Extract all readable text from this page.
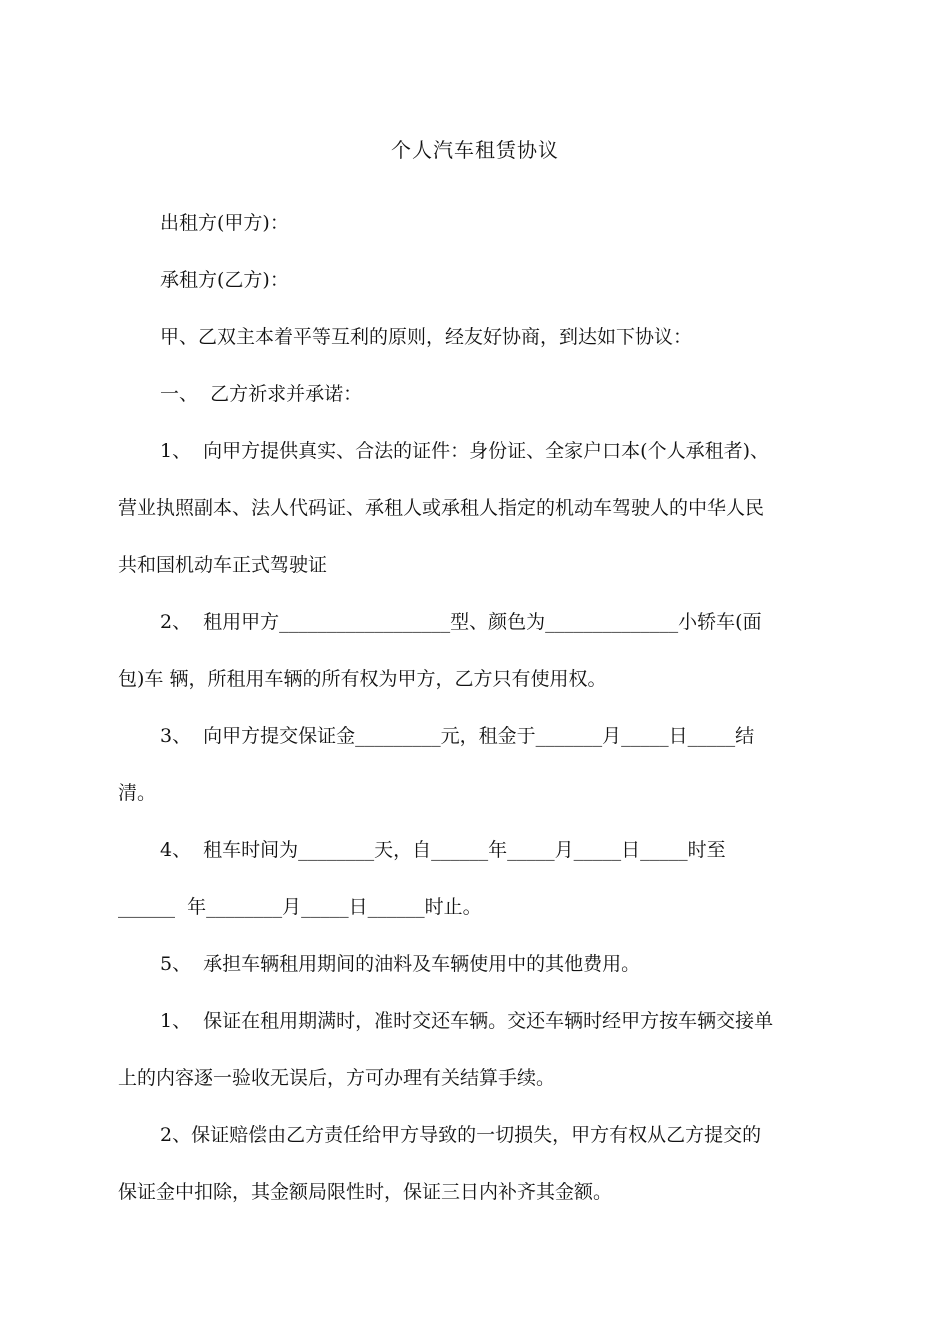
个人汽车租赁协议
出租方(甲方)：
承租方(乙方)：
甲、乙双主本着平等互利的原则，经友好协商，到达如下协议：
一、  乙方祈求并承诺：
1、  向甲方提供真实、合法的证件：身份证、全家户口本(个人承租者)、
营业执照副本、法人代码证、承租人或承租人指定的机动车驾驶人的中华人民
共和国机动车正式驾驶证
2、  租用甲方__________________型、颜色为______________小轿车(面
包)车 辆，所租用车辆的所有权为甲方，乙方只有使用权。
3、  向甲方提交保证金_________元，租金于_______月_____日_____结
清。
4、  租车时间为________天，自______年_____月_____日_____时至
______  年________月_____日______时止。
5、  承担车辆租用期间的油料及车辆使用中的其他费用。
1、  保证在租用期满时，准时交还车辆。交还车辆时经甲方按车辆交接单
上的内容逐一验收无误后，方可办理有关结算手续。
2、保证赔偿由乙方责任给甲方导致的一切损失，甲方有权从乙方提交的
保证金中扣除，其金额局限性时，保证三日内补齐其金额。
